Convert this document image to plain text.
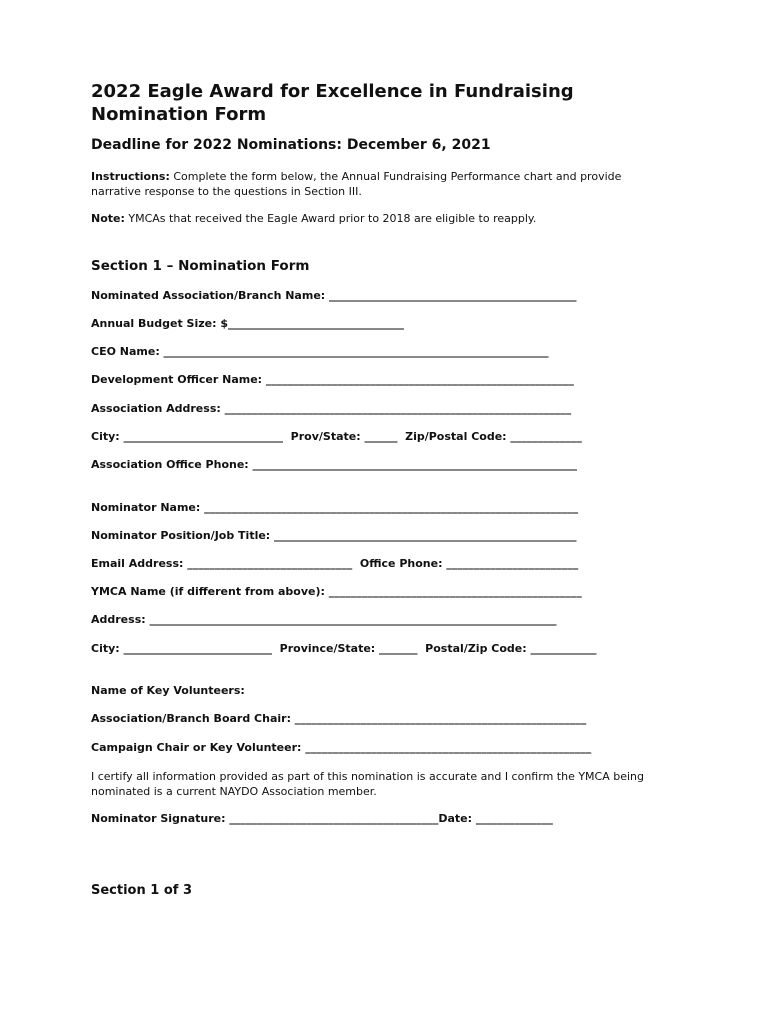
2022 Eagle Award for Excellence in Fundraising Nomination Form
Deadline for 2022 Nominations: December 6, 2021

Instructions: Complete the form below, the Annual Fundraising Performance chart and provide narrative response to the questions in Section III.

Note: YMCAs that received the Eagle Award prior to 2018 are eligible to reapply.

Section 1 – Nomination Form
Nominated Association/Branch Name: _____________________________________________
Annual Budget Size: $________________________________
CEO Name: ______________________________________________________________________
Development Officer Name: ________________________________________________________
Association Address: _______________________________________________________________
City: _____________________________  Prov/State: ______  Zip/Postal Code: _____________
Association Office Phone: ___________________________________________________________
Nominator Name: ____________________________________________________________________
Nominator Position/Job Title: _______________________________________________________
Email Address: ______________________________  Office Phone: ________________________
YMCA Name (if different from above): ______________________________________________
Address: __________________________________________________________________________
City: ___________________________  Province/State: _______  Postal/Zip Code: ____________
Name of Key Volunteers:
Association/Branch Board Chair: _____________________________________________________
Campaign Chair or Key Volunteer: ____________________________________________________

I certify all information provided as part of this nomination is accurate and I confirm the YMCA being nominated is a current NAYDO Association member.

Nominator Signature: ______________________________________Date: ______________
Section 1 of 3
